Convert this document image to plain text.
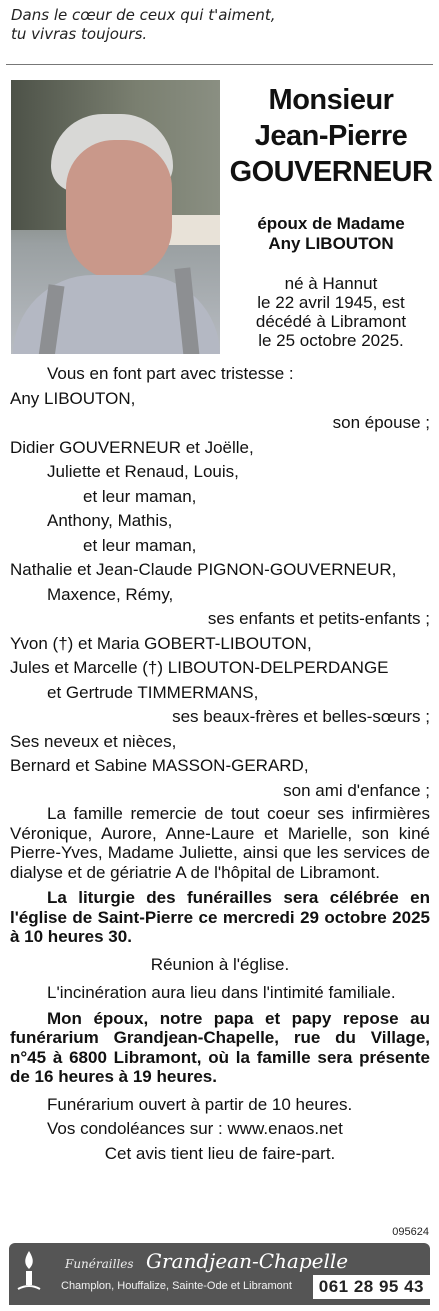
Dans le cœur de ceux qui t'aiment,
tu vivras toujours.
Monsieur
Jean-Pierre
GOUVERNEUR
époux de Madame
Any LIBOUTON
né à Hannut
le 22 avril 1945, est
décédé à Libramont
le 25 octobre 2025.

Vous en font part avec tristesse :

Any LIBOUTON,

son épouse ;

Didier GOUVERNEUR et Joëlle,

Juliette et Renaud, Louis,

et leur maman,

Anthony, Mathis,

et leur maman,

Nathalie et Jean-Claude PIGNON-GOUVERNEUR,

Maxence, Rémy,

ses enfants et petits-enfants ;

Yvon (†) et Maria GOBERT-LIBOUTON,

Jules et Marcelle (†) LIBOUTON-DELPERDANGE

et Gertrude TIMMERMANS,

ses beaux-frères et belles-sœurs ;

Ses neveux et nièces,

Bernard et Sabine MASSON-GERARD,

son ami d'enfance ;

La famille remercie de tout coeur ses infirmières Véronique, Aurore, Anne-Laure et Marielle, son kiné Pierre-Yves, Madame Juliette, ainsi que les services de dialyse et de gériatrie A de l'hôpital de Libramont.

La liturgie des funérailles sera célébrée en l'église de Saint-Pierre ce mercredi 29 octobre 2025 à 10 heures 30.

Réunion à l'église.

L'incinération aura lieu dans l'intimité familiale.

Mon époux, notre papa et papy repose au funérarium Grandjean-Chapelle, rue du Village, n°45 à 6800 Libramont, où la famille sera présente de 16 heures à 19 heures.

Funérarium ouvert à partir de 10 heures.

Vos condoléances sur : www.enaos.net

Cet avis tient lieu de faire-part.

095624
Funérailles Grandjean-Chapelle
Champlon, Houffalize, Sainte-Ode et Libramont	061 28 95 43
